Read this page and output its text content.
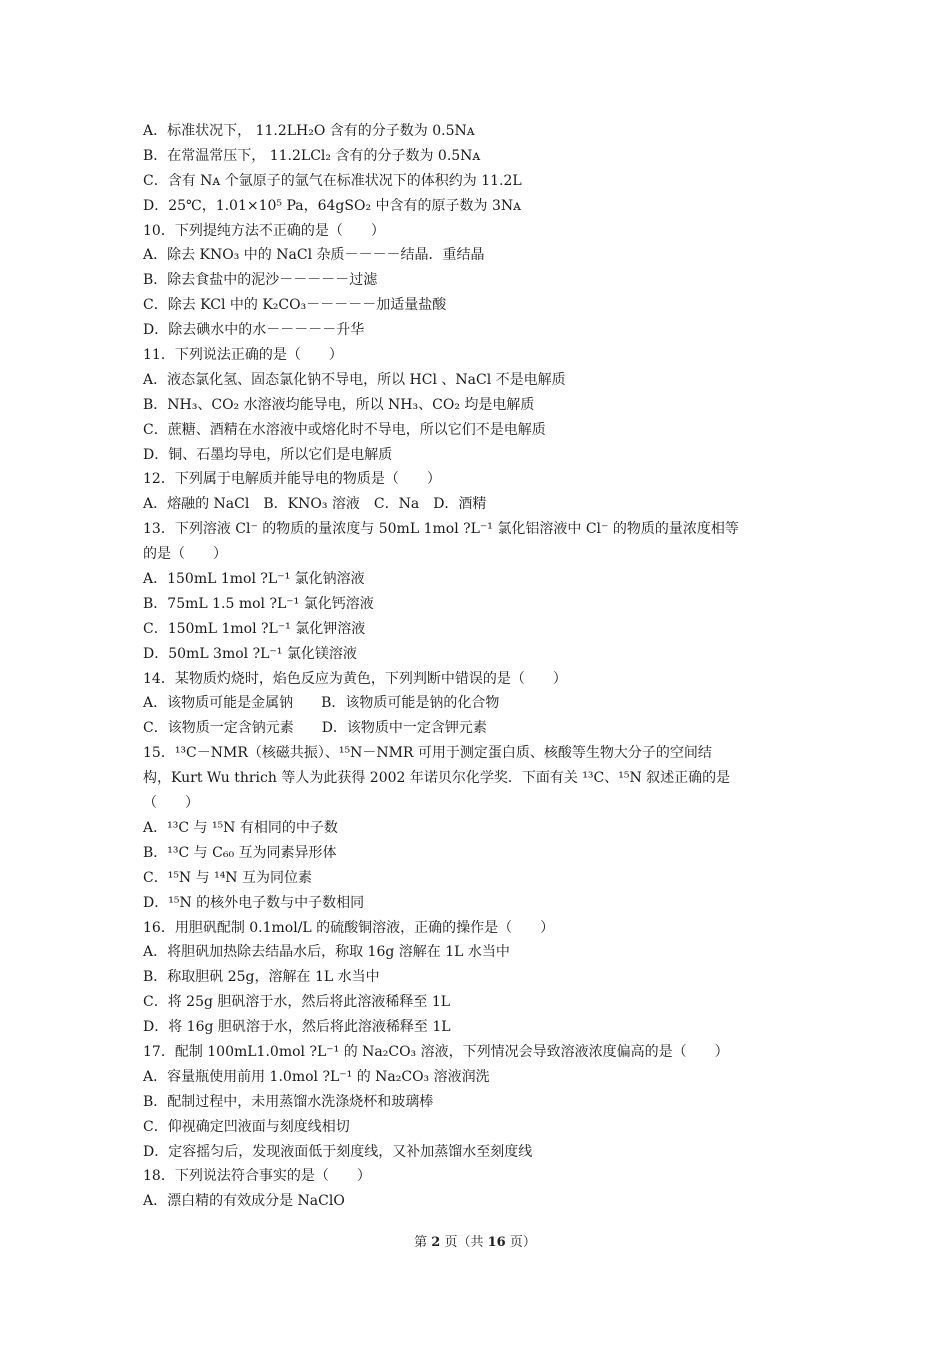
A．标准状况下， 11.2LH₂O 含有的分子数为 0.5Nᴀ
B．在常温常压下， 11.2LCl₂ 含有的分子数为 0.5Nᴀ
C．含有 Nᴀ 个氩原子的氩气在标准状况下的体积约为 11.2L
D．25℃，1.01×10⁵ Pa，64gSO₂ 中含有的原子数为 3Nᴀ
10．下列提纯方法不正确的是（　　）
A．除去 KNO₃ 中的 NaCl 杂质－－－－结晶．重结晶
B．除去食盐中的泥沙－－－－－过滤
C．除去 KCl 中的 K₂CO₃－－－－－加适量盐酸
D．除去碘水中的水－－－－－升华
11．下列说法正确的是（　　）
A．液态氯化氢、固态氯化钠不导电，所以 HCl 、NaCl 不是电解质
B．NH₃、CO₂ 水溶液均能导电，所以 NH₃、CO₂ 均是电解质
C．蔗糖、酒精在水溶液中或熔化时不导电，所以它们不是电解质
D．铜、石墨均导电，所以它们是电解质
12．下列属于电解质并能导电的物质是（　　）
A．熔融的 NaCl　B．KNO₃ 溶液　C．Na　D．酒精
13．下列溶液 Cl⁻ 的物质的量浓度与 50mL 1mol ?L⁻¹ 氯化铝溶液中 Cl⁻ 的物质的量浓度相等
的是（　　）
A．150mL 1mol ?L⁻¹ 氯化钠溶液
B．75mL 1.5 mol ?L⁻¹ 氯化钙溶液
C．150mL 1mol ?L⁻¹ 氯化钾溶液
D．50mL 3mol ?L⁻¹ 氯化镁溶液
14．某物质灼烧时，焰色反应为黄色，下列判断中错误的是（　　）
A．该物质可能是金属钠　　B．该物质可能是钠的化合物
C．该物质一定含钠元素　　D．该物质中一定含钾元素
15．¹³C－NMR（核磁共振）、¹⁵N－NMR 可用于测定蛋白质、核酸等生物大分子的空间结
构，Kurt Wu thrich 等人为此获得 2002 年诺贝尔化学奖．下面有关 ¹³C、¹⁵N 叙述正确的是
（　　）
A．¹³C 与 ¹⁵N 有相同的中子数
B．¹³C 与 C₆₀ 互为同素异形体
C．¹⁵N 与 ¹⁴N 互为同位素
D．¹⁵N 的核外电子数与中子数相同
16．用胆矾配制 0.1mol/L 的硫酸铜溶液，正确的操作是（　　）
A．将胆矾加热除去结晶水后，称取 16g 溶解在 1L 水当中
B．称取胆矾 25g，溶解在 1L 水当中
C．将 25g 胆矾溶于水，然后将此溶液稀释至 1L
D．将 16g 胆矾溶于水，然后将此溶液稀释至 1L
17．配制 100mL1.0mol ?L⁻¹ 的 Na₂CO₃ 溶液，下列情况会导致溶液浓度偏高的是（　　）
A．容量瓶使用前用 1.0mol ?L⁻¹ 的 Na₂CO₃ 溶液润洗
B．配制过程中，未用蒸馏水洗涤烧杯和玻璃棒
C．仰视确定凹液面与刻度线相切
D．定容摇匀后，发现液面低于刻度线，又补加蒸馏水至刻度线
18．下列说法符合事实的是（　　）
A．漂白精的有效成分是 NaClO
第 2 页（共 16 页）
